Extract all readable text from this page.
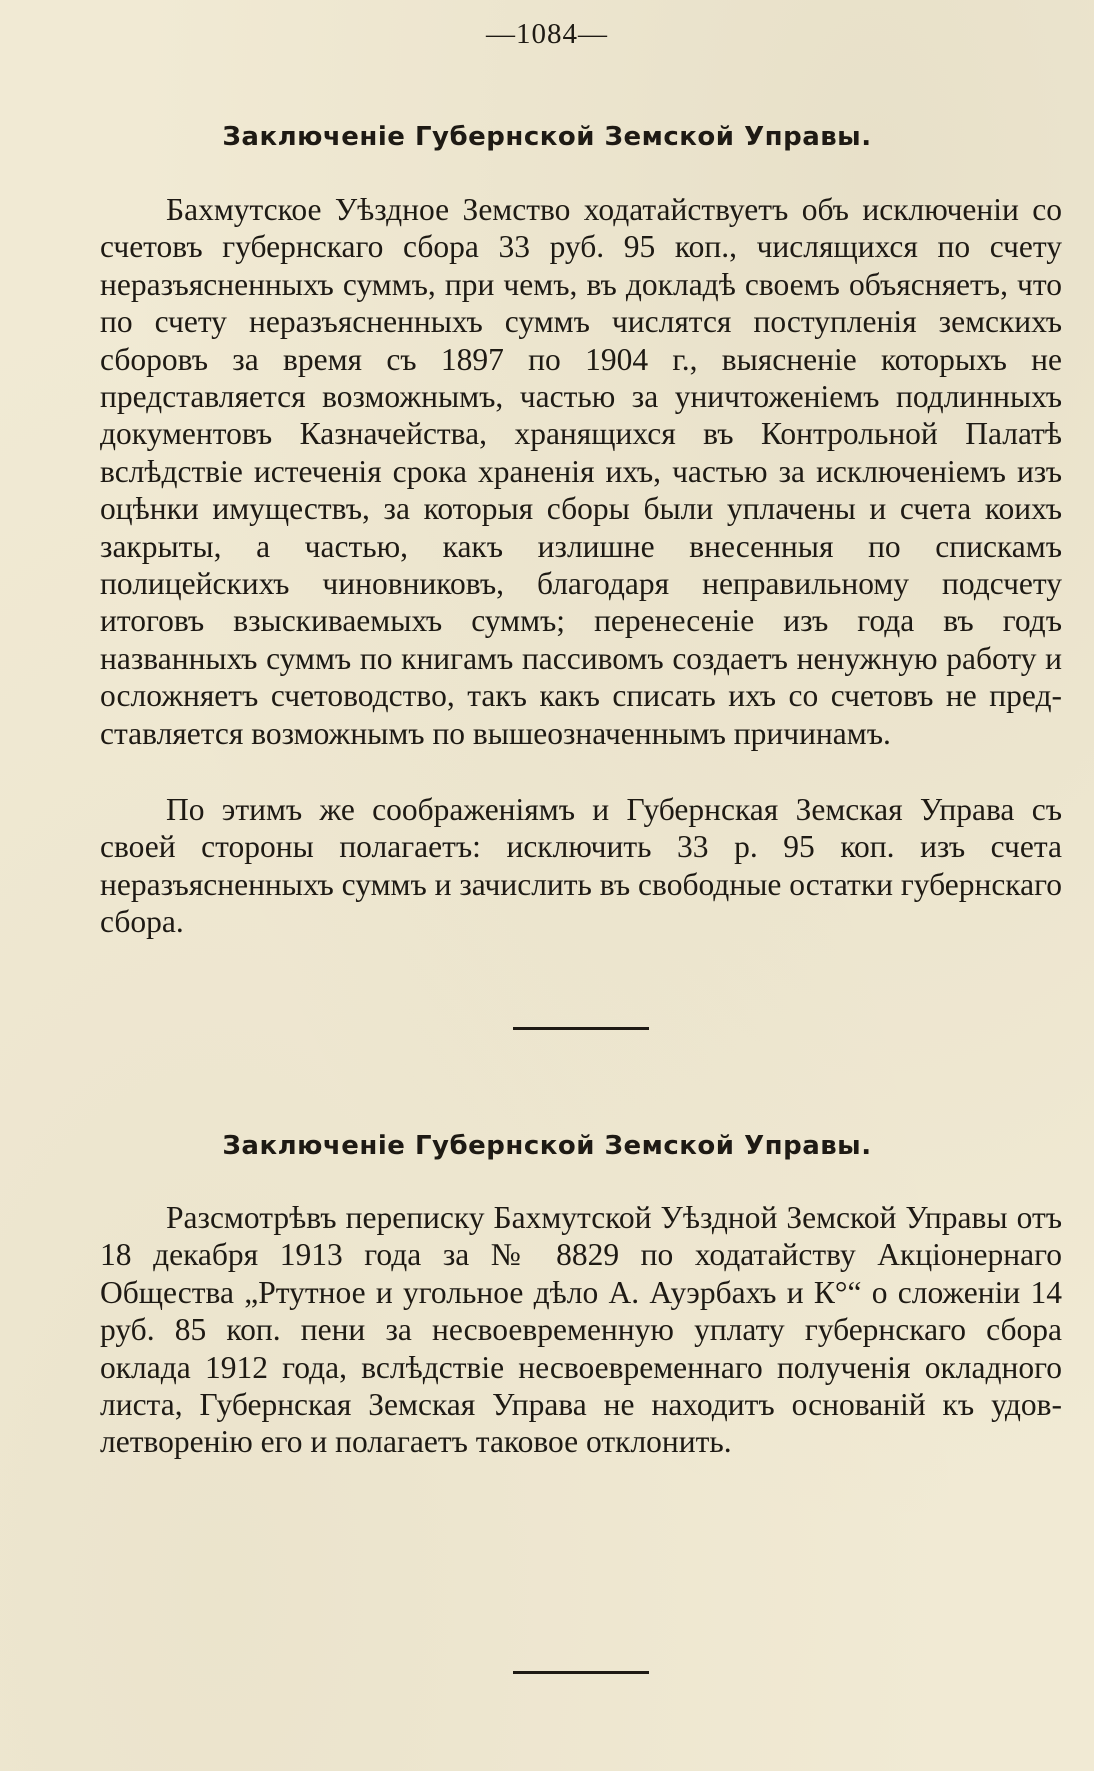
—1084—
Заключеніе Губернской Земской Управы.

Бахмутское Уѣздное Земство ходатайствуетъ объ исключеніи со счетовъ губернскаго сбора 33 руб. 95 коп., числящихся по счету неразъясненныхъ суммъ, при чемъ, въ докладѣ своемъ объясняетъ, что по счету неразъясненныхъ суммъ числятся поступленія земскихъ сборовъ за время съ 1897 по 1904 г., выясненіе которыхъ не представляется возможнымъ, частью за уничтоженіемъ подлинныхъ документовъ Казначейства, хранящихся въ Контрольной Палатѣ вслѣдствіе истеченія срока храненія ихъ, частью за исключеніемъ изъ оцѣнки имуществъ, за которыя сборы были уплачены и счета коихъ закрыты, а частью, какъ излишне внесенныя по спискамъ полицейскихъ чиновниковъ, благодаря неправильному подсчету итоговъ взыскиваемыхъ суммъ; перенесеніе изъ года въ годъ названныхъ суммъ по книгамъ пассивомъ создаетъ ненужную работу и осложняетъ счетоводство, такъ какъ списать ихъ со счетовъ не представляется возможнымъ по вышеозначеннымъ причинамъ.

По этимъ же соображеніямъ и Губернская Земская Управа съ своей стороны полагаетъ: исключить 33 р. 95 коп. изъ счета неразъясненныхъ суммъ и зачислить въ свободные остатки губернскаго сбора.

Заключеніе Губернской Земской Управы.

Разсмотрѣвъ переписку Бахмутской Уѣздной Земской Управы отъ 18 декабря 1913 года за № 8829 по ходатайству Акціонернаго Общества „Ртутное и угольное дѣло А. Ауэрбахъ и К°“ о сложеніи 14 руб. 85 коп. пени за несвоевременную уплату губернскаго сбора оклада 1912 года, вслѣдствіе несвоевременнаго полученія окладного листа, Губернская Земская Управа не находитъ основаній къ удовлетворенію его и полагаетъ таковое отклонить.
